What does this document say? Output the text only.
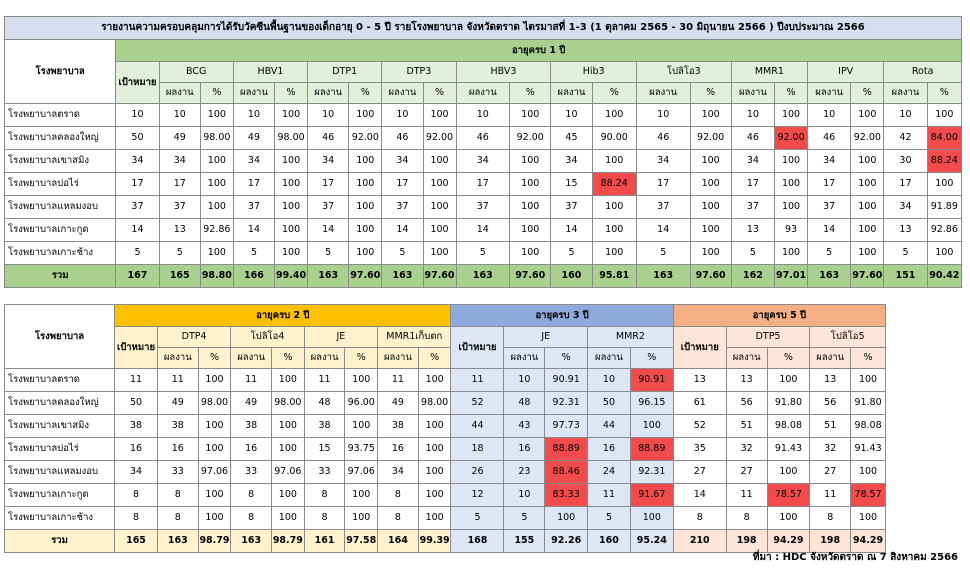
รายงานความครอบคลุมการได้รับวัคซีนพื้นฐานของเด็กอายุ 0 - 5 ปี รายโรงพยาบาล จังหวัดตราด ไตรมาสที่ 1-3 (1 ตุลาคม 2565 - 30 มิถุนายน 2566 ) ปีงบประมาณ 2566																					
โรงพยาบาล	อายุครบ 1 ปี																				
	เป้าหมาย	BCG		HBV1		DTP1		DTP3		HBV3		Hib3		โปลิโอ3		MMR1		IPV		Rota	
		ผลงาน	%	ผลงาน	%	ผลงาน	%	ผลงาน	%	ผลงาน	%	ผลงาน	%	ผลงาน	%	ผลงาน	%	ผลงาน	%	ผลงาน	%
โรงพยาบาลตราด	10	10	100	10	100	10	100	10	100	10	100	10	100	10	100	10	100	10	100	10	100
โรงพยาบาลคลองใหญ่	50	49	98.00	49	98.00	46	92.00	46	92.00	46	92.00	45	90.00	46	92.00	46	92.00	46	92.00	42	84.00
โรงพยาบาลเขาสมิง	34	34	100	34	100	34	100	34	100	34	100	34	100	34	100	34	100	34	100	30	88.24
โรงพยาบาลบ่อไร่	17	17	100	17	100	17	100	17	100	17	100	15	88.24	17	100	17	100	17	100	17	100
โรงพยาบาลแหลมงอบ	37	37	100	37	100	37	100	37	100	37	100	37	100	37	100	37	100	37	100	34	91.89
โรงพยาบาลเกาะกูด	14	13	92.86	14	100	14	100	14	100	14	100	14	100	14	100	13	93	14	100	13	92.86
โรงพยาบาลเกาะช้าง	5	5	100	5	100	5	100	5	100	5	100	5	100	5	100	5	100	5	100	5	100
รวม	167	165	98.80	166	99.40	163	97.60	163	97.60	163	97.60	160	95.81	163	97.60	162	97.01	163	97.60	151	90.42
โรงพยาบาล	อายุครบ 2 ปี									อายุครบ 3 ปี					อายุครบ 5 ปี				
	เป้าหมาย	DTP4		โปลิโอ4		JE		MMR1เก็บตก		เป้าหมาย	JE		MMR2		เป้าหมาย	DTP5		โปลิโอ5	
		ผลงาน	%	ผลงาน	%	ผลงาน	%	ผลงาน	%		ผลงาน	%	ผลงาน	%		ผลงาน	%	ผลงาน	%
โรงพยาบาลตราด	11	11	100	11	100	11	100	11	100	11	10	90.91	10	90.91	13	13	100	13	100
โรงพยาบาลคลองใหญ่	50	49	98.00	49	98.00	48	96.00	49	98.00	52	48	92.31	50	96.15	61	56	91.80	56	91.80
โรงพยาบาลเขาสมิง	38	38	100	38	100	38	100	38	100	44	43	97.73	44	100	52	51	98.08	51	98.08
โรงพยาบาลบ่อไร่	16	16	100	16	100	15	93.75	16	100	18	16	88.89	16	88.89	35	32	91.43	32	91.43
โรงพยาบาลแหลมงอบ	34	33	97.06	33	97.06	33	97.06	34	100	26	23	88.46	24	92.31	27	27	100	27	100
โรงพยาบาลเกาะกูด	8	8	100	8	100	8	100	8	100	12	10	83.33	11	91.67	14	11	78.57	11	78.57
โรงพยาบาลเกาะช้าง	8	8	100	8	100	8	100	8	100	5	5	100	5	100	8	8	100	8	100
รวม	165	163	98.79	163	98.79	161	97.58	164	99.39	168	155	92.26	160	95.24	210	198	94.29	198	94.29
ที่มา : HDC จังหวัดตราด ณ 7 สิงหาคม 2566
